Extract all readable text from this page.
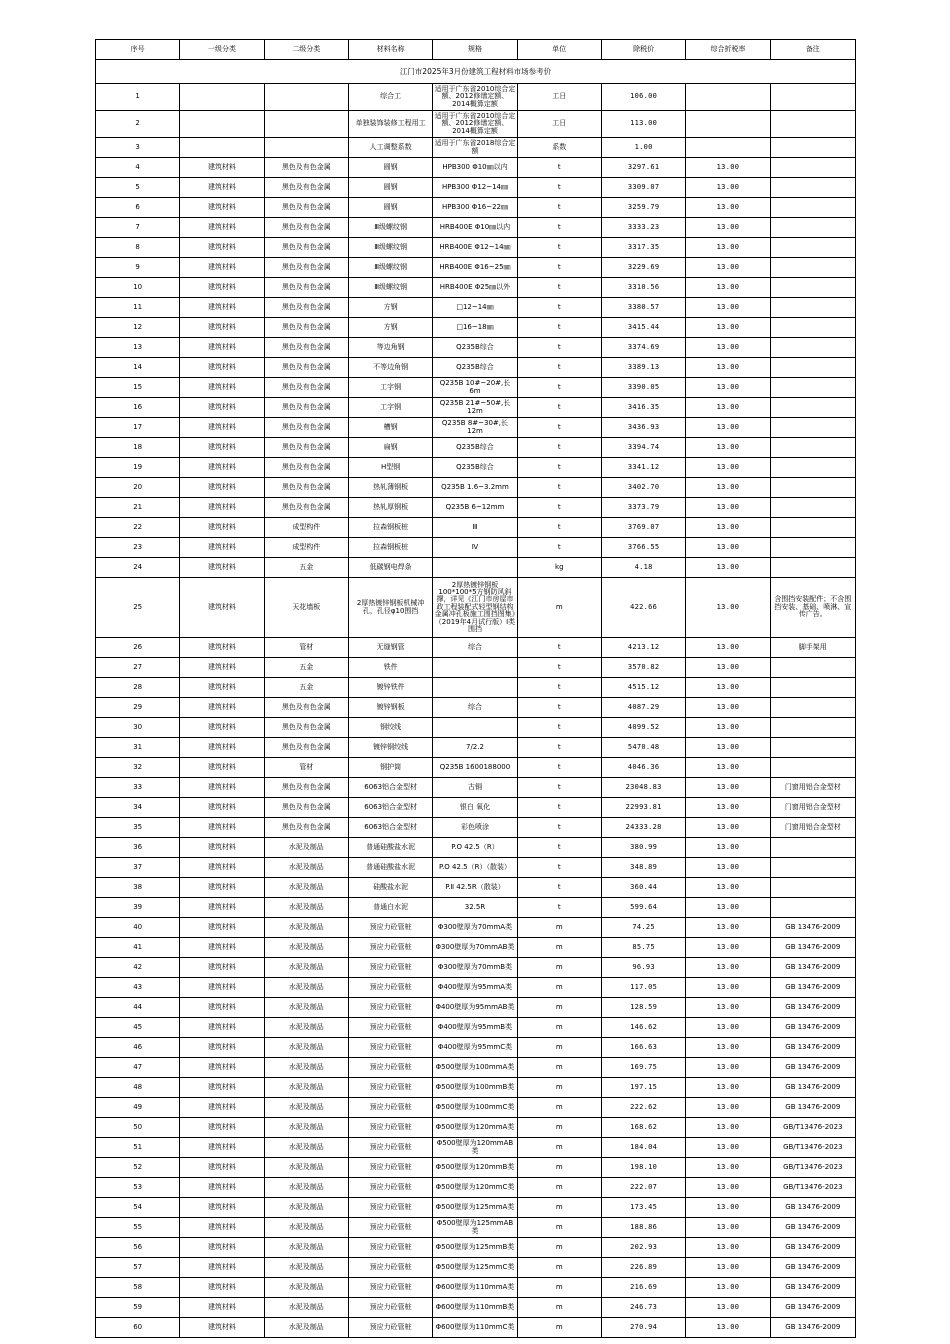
江门市2025年3月份建筑工程材料市场参考价								
序号	一级分类	二级分类	材料名称	规格	单位	除税价	综合折税率	备注
1			综合工	适用于广东省2010综合定额、2012修缮定额、2014概算定额	工日	106.00		
2			单独装饰装修工程用工	适用于广东省2010综合定额、2012修缮定额、2014概算定额	工日	113.00		
3			人工调整系数	适用于广东省2018综合定额	系数	1.00		
4	建筑材料	黑色及有色金属	圆钢	HPB300 Φ10㎜以内	t	3297.61	13.00	
5	建筑材料	黑色及有色金属	圆钢	HPB300 Φ12~14㎜	t	3309.07	13.00	
6	建筑材料	黑色及有色金属	圆钢	HPB300 Φ16~22㎜	t	3259.79	13.00	
7	建筑材料	黑色及有色金属	Ⅲ级螺纹钢	HRB400E Φ10㎜以内	t	3333.23	13.00	
8	建筑材料	黑色及有色金属	Ⅲ级螺纹钢	HRB400E Φ12~14㎜	t	3317.35	13.00	
9	建筑材料	黑色及有色金属	Ⅲ级螺纹钢	HRB400E Φ16~25㎜	t	3229.69	13.00	
10	建筑材料	黑色及有色金属	Ⅲ级螺纹钢	HRB400E Φ25㎜以外	t	3310.56	13.00	
11	建筑材料	黑色及有色金属	方钢	□12~14㎜	t	3380.57	13.00	
12	建筑材料	黑色及有色金属	方钢	□16~18㎜	t	3415.44	13.00	
13	建筑材料	黑色及有色金属	等边角钢	Q235B综合	t	3374.69	13.00	
14	建筑材料	黑色及有色金属	不等边角钢	Q235B综合	t	3389.13	13.00	
15	建筑材料	黑色及有色金属	工字钢	Q235B 10#~20#,长6m	t	3390.05	13.00	
16	建筑材料	黑色及有色金属	工字钢	Q235B 21#~50#,长12m	t	3416.35	13.00	
17	建筑材料	黑色及有色金属	槽钢	Q235B 8#~30#,长12m	t	3436.93	13.00	
18	建筑材料	黑色及有色金属	扁钢	Q235B综合	t	3394.74	13.00	
19	建筑材料	黑色及有色金属	H型钢	Q235B综合	t	3341.12	13.00	
20	建筑材料	黑色及有色金属	热轧薄钢板	Q235B 1.6~3.2mm	t	3402.70	13.00	
21	建筑材料	黑色及有色金属	热轧厚钢板	Q235B 6~12mm	t	3373.79	13.00	
22	建筑材料	成型构件	拉森钢板桩	Ⅲ	t	3769.07	13.00	
23	建筑材料	成型构件	拉森钢板桩	Ⅳ	t	3766.55	13.00	
24	建筑材料	五金	低碳钢电焊条		kg	4.18	13.00	
25	建筑材料	天花墙板	2厚热镀锌钢板机械冲孔，孔径φ10围挡	2厚热镀锌钢板100*100*5方钢防风斜撑，详见《江门市房屋市政工程装配式轻型钢结构金属冲孔板施工围挡图集》（2019年4月试行版）Ⅰ类围挡	m	422.66	13.00	含围挡安装配件；不含围挡安装、基础、喷淋、宣传广告。
26	建筑材料	管材	无缝钢管	综合	t	4213.12	13.00	脚手架用
27	建筑材料	五金	铁件		t	3570.82	13.00	
28	建筑材料	五金	镀锌铁件		t	4515.12	13.00	
29	建筑材料	黑色及有色金属	镀锌钢板	综合	t	4087.29	13.00	
30	建筑材料	黑色及有色金属	钢绞线		t	4099.52	13.00	
31	建筑材料	黑色及有色金属	镀锌钢绞线	7/2.2	t	5470.48	13.00	
32	建筑材料	管材	钢护筒	Q235B 1600188000	t	4046.36	13.00	
33	建筑材料	黑色及有色金属	6063铝合金型材	古铜	t	23048.83	13.00	门窗用铝合金型材
34	建筑材料	黑色及有色金属	6063铝合金型材	银白 氧化	t	22993.81	13.00	门窗用铝合金型材
35	建筑材料	黑色及有色金属	6063铝合金型材	彩色喷涂	t	24333.28	13.00	门窗用铝合金型材
36	建筑材料	水泥及制品	普通硅酸盐水泥	P.O 42.5（R）	t	380.99	13.00	
37	建筑材料	水泥及制品	普通硅酸盐水泥	P.O 42.5（R）（散装）	t	348.89	13.00	
38	建筑材料	水泥及制品	硅酸盐水泥	P.Ⅱ 42.5R（散装）	t	360.44	13.00	
39	建筑材料	水泥及制品	普通白水泥	32.5R	t	599.64	13.00	
40	建筑材料	水泥及制品	预应力砼管桩	Φ300壁厚为70mmA类	m	74.25	13.00	GB 13476-2009
41	建筑材料	水泥及制品	预应力砼管桩	Φ300壁厚为70mmAB类	m	85.75	13.00	GB 13476-2009
42	建筑材料	水泥及制品	预应力砼管桩	Φ300壁厚为70mmB类	m	96.93	13.00	GB 13476-2009
43	建筑材料	水泥及制品	预应力砼管桩	Φ400壁厚为95mmA类	m	117.05	13.00	GB 13476-2009
44	建筑材料	水泥及制品	预应力砼管桩	Φ400壁厚为95mmAB类	m	128.59	13.00	GB 13476-2009
45	建筑材料	水泥及制品	预应力砼管桩	Φ400壁厚为95mmB类	m	146.62	13.00	GB 13476-2009
46	建筑材料	水泥及制品	预应力砼管桩	Φ400壁厚为95mmC类	m	166.63	13.00	GB 13476-2009
47	建筑材料	水泥及制品	预应力砼管桩	Φ500壁厚为100mmA类	m	169.75	13.00	GB 13476-2009
48	建筑材料	水泥及制品	预应力砼管桩	Φ500壁厚为100mmB类	m	197.15	13.00	GB 13476-2009
49	建筑材料	水泥及制品	预应力砼管桩	Φ500壁厚为100mmC类	m	222.62	13.00	GB 13476-2009
50	建筑材料	水泥及制品	预应力砼管桩	Φ500壁厚为120mmA类	m	168.62	13.00	GB/T13476-2023
51	建筑材料	水泥及制品	预应力砼管桩	Φ500壁厚为120mmAB类	m	184.04	13.00	GB/T13476-2023
52	建筑材料	水泥及制品	预应力砼管桩	Φ500壁厚为120mmB类	m	198.10	13.00	GB/T13476-2023
53	建筑材料	水泥及制品	预应力砼管桩	Φ500壁厚为120mmC类	m	222.07	13.00	GB/T13476-2023
54	建筑材料	水泥及制品	预应力砼管桩	Φ500壁厚为125mmA类	m	173.45	13.00	GB 13476-2009
55	建筑材料	水泥及制品	预应力砼管桩	Φ500壁厚为125mmAB类	m	188.86	13.00	GB 13476-2009
56	建筑材料	水泥及制品	预应力砼管桩	Φ500壁厚为125mmB类	m	202.93	13.00	GB 13476-2009
57	建筑材料	水泥及制品	预应力砼管桩	Φ500壁厚为125mmC类	m	226.89	13.00	GB 13476-2009
58	建筑材料	水泥及制品	预应力砼管桩	Φ600壁厚为110mmA类	m	216.69	13.00	GB 13476-2009
59	建筑材料	水泥及制品	预应力砼管桩	Φ600壁厚为110mmB类	m	246.73	13.00	GB 13476-2009
60	建筑材料	水泥及制品	预应力砼管桩	Φ600壁厚为110mmC类	m	270.94	13.00	GB 13476-2009
